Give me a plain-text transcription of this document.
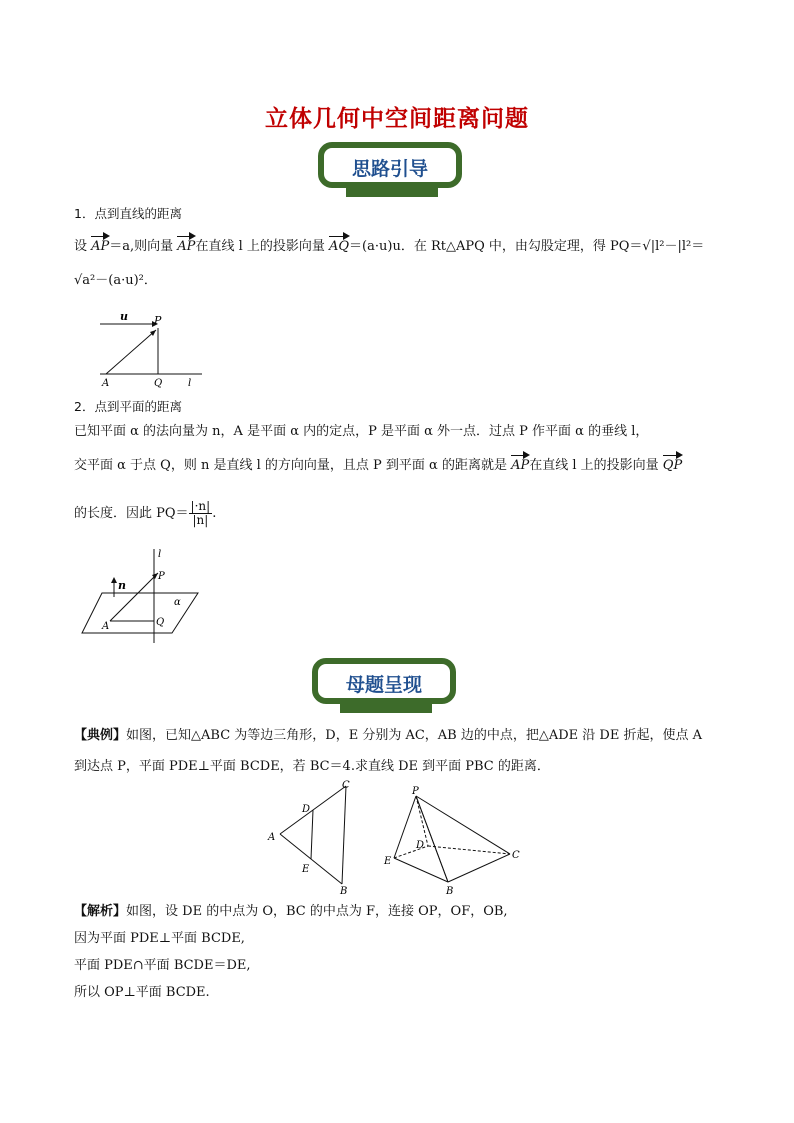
立体几何中空间距离问题
思路引导
1．点到直线的距离
设 AP＝a,则向量 AP在直线 l 上的投影向量 AQ＝(a·u)u．在 Rt△APQ 中，由勾股定理，得 PQ＝√|l²－|l²＝
√a²－(a·u)²．
u P
A	Q	l
2．点到平面的距离
已知平面 α 的法向量为 n，A 是平面 α 内的定点，P 是平面 α 外一点．过点 P 作平面 α 的垂线 l，
交平面 α 于点 Q，则 n 是直线 l 的方向向量，且点 P 到平面 α 的距离就是 AP在直线 l 上的投影向量 QP
的长度．因此 $PQ= \frac{|\cdot n|}{|n|}$ .
l
n
P
α
A	Q
母题呈现
【典例】如图，已知△ABC 为等边三角形，D，E 分别为 AC，AB 边的中点，把△ADE 沿 DE 折起，使点 A
到达点 P，平面 PDE⊥平面 BCDE，若 BC＝4.求直线 DE 到平面 PBC 的距离．
A
C
D
E
B
P
D
E
B
C
【解析】如图，设 DE 的中点为 O，BC 的中点为 F，连接 OP，OF，OB,
因为平面 PDE⊥平面 BCDE,
平面 PDE∩平面 BCDE＝DE,
所以 OP⊥平面 BCDE.
